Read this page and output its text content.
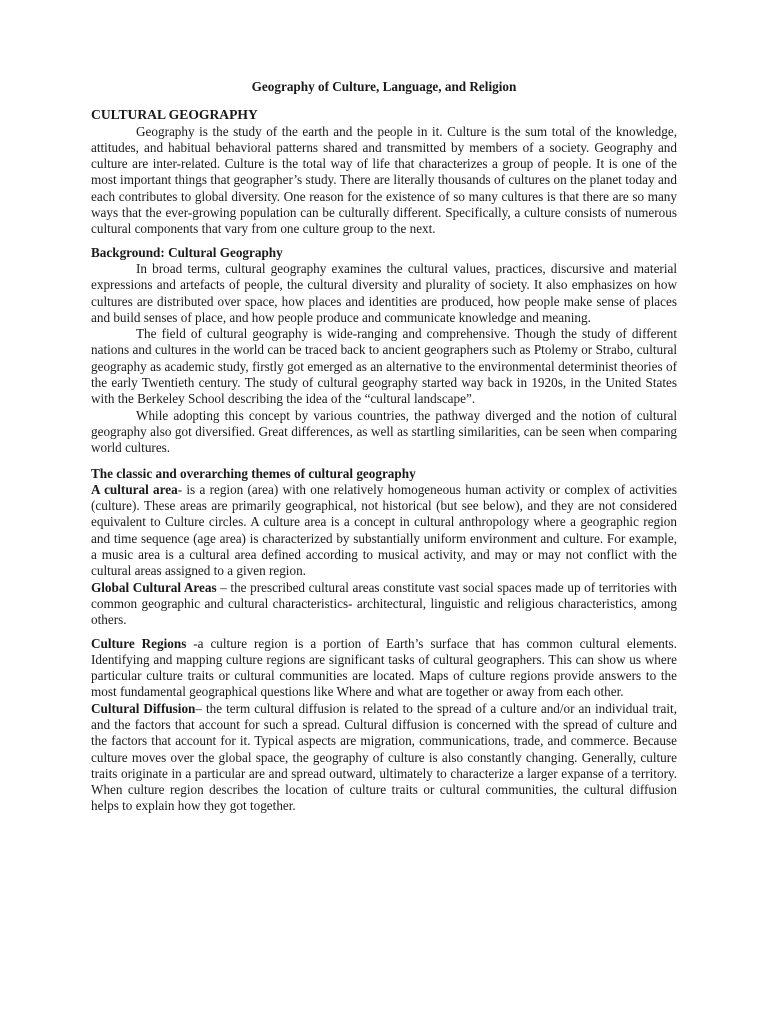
Geography of Culture, Language, and Religion
CULTURAL GEOGRAPHY

Geography is the study of the earth and the people in it. Culture is the sum total of the knowledge, attitudes, and habitual behavioral patterns shared and transmitted by members of a society. Geography and culture are inter-related. Culture is the total way of life that characterizes a group of people. It is one of the most important things that geographer’s study. There are literally thousands of cultures on the planet today and each contributes to global diversity. One reason for the existence of so many cultures is that there are so many ways that the ever-growing population can be culturally different. Specifically, a culture consists of numerous cultural components that vary from one culture group to the next.

Background: Cultural Geography

In broad terms, cultural geography examines the cultural values, practices, discursive and material expressions and artefacts of people, the cultural diversity and plurality of society. It also emphasizes on how cultures are distributed over space, how places and identities are produced, how people make sense of places and build senses of place, and how people produce and communicate knowledge and meaning.

The field of cultural geography is wide-ranging and comprehensive. Though the study of different nations and cultures in the world can be traced back to ancient geographers such as Ptolemy or Strabo, cultural geography as academic study, firstly got emerged as an alternative to the environmental determinist theories of the early Twentieth century. The study of cultural geography started way back in 1920s, in the United States with the Berkeley School describing the idea of the “cultural landscape”.

While adopting this concept by various countries, the pathway diverged and the notion of cultural geography also got diversified. Great differences, as well as startling similarities, can be seen when comparing world cultures.

The classic and overarching themes of cultural geography

A cultural area- is a region (area) with one relatively homogeneous human activity or complex of activities (culture). These areas are primarily geographical, not historical (but see below), and they are not considered equivalent to Culture circles. A culture area is a concept in cultural anthropology where a geographic region and time sequence (age area) is characterized by substantially uniform environment and culture. For example, a music area is a cultural area defined according to musical activity, and may or may not conflict with the cultural areas assigned to a given region.

Global Cultural Areas – the prescribed cultural areas constitute vast social spaces made up of territories with common geographic and cultural characteristics- architectural, linguistic and religious characteristics, among others.

Culture Regions -a culture region is a portion of Earth’s surface that has common cultural elements. Identifying and mapping culture regions are significant tasks of cultural geographers. This can show us where particular culture traits or cultural communities are located. Maps of culture regions provide answers to the most fundamental geographical questions like Where and what are together or away from each other.

Cultural Diffusion– the term cultural diffusion is related to the spread of a culture and/or an individual trait, and the factors that account for such a spread. Cultural diffusion is concerned with the spread of culture and the factors that account for it. Typical aspects are migration, communications, trade, and commerce. Because culture moves over the global space, the geography of culture is also constantly changing. Generally, culture traits originate in a particular are and spread outward, ultimately to characterize a larger expanse of a territory. When culture region describes the location of culture traits or cultural communities, the cultural diffusion helps to explain how they got together.
